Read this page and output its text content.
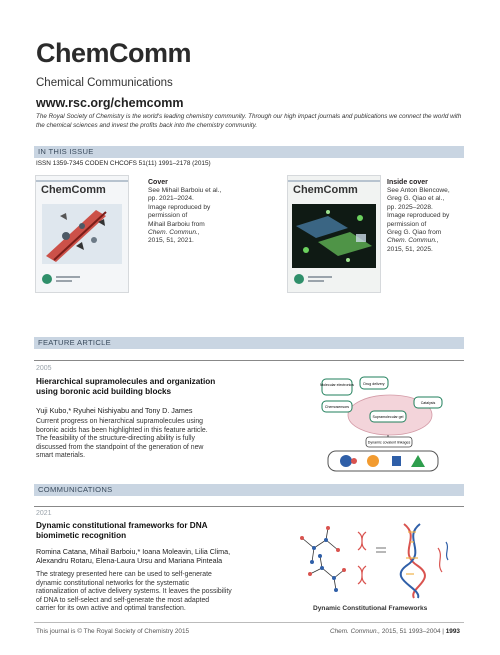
ChemComm
Chemical Communications
www.rsc.org/chemcomm
The Royal Society of Chemistry is the world's leading chemistry community. Through our high impact journals and publications we connect the world with the chemical sciences and invest the profits back into the chemistry community.
IN THIS ISSUE
ISSN 1359-7345 CODEN CHCOFS 51(11) 1991–2178 (2015)
ChemComm
Cover
See Mihail Barboiu et al.,
pp. 2021–2024.
Image reproduced by
permission of
Mihail Barboiu from
Chem. Commun.,
2015, 51, 2021.
ChemComm
Inside cover
See Anton Blencowe,
Greg G. Qiao et al.,
pp. 2025–2028.
Image reproduced by
permission of
Greg G. Qiao from
Chem. Commun.,
2015, 51, 2025.
FEATURE ARTICLE
2005
Hierarchical supramolecules and organization
using boronic acid building blocks
Yuji Kubo,* Ryuhei Nishiyabu and Tony D. James
Current progress on hierarchical supramolecules using
boronic acids has been highlighted in this feature article.
The feasibility of the structure-directing ability is fully
discussed from the standpoint of the generation of new
smart materials.
Molecular electronics	Drug delivery
Chemosensors
Catalysis
Supramolecular gel
Dynamic covalent linkages
COMMUNICATIONS
2021
Dynamic constitutional frameworks for DNA
biomimetic recognition
Romina Catana, Mihail Barboiu,* Ioana Moleavin, Lilia Clima,
Alexandru Rotaru, Elena-Laura Ursu and Mariana Pinteala
The strategy presented here can be used to self-generate
dynamic constitutional networks for the systematic
rationalization of active delivery systems. It leaves the possibility
of DNA to self-select and self-generate the most adapted
carrier for its own active and optimal transfection.	Dynamic Constitutional Frameworks
This journal is © The Royal Society of Chemistry 2015	Chem. Commun., 2015, 51 1993–2004 | 1993
